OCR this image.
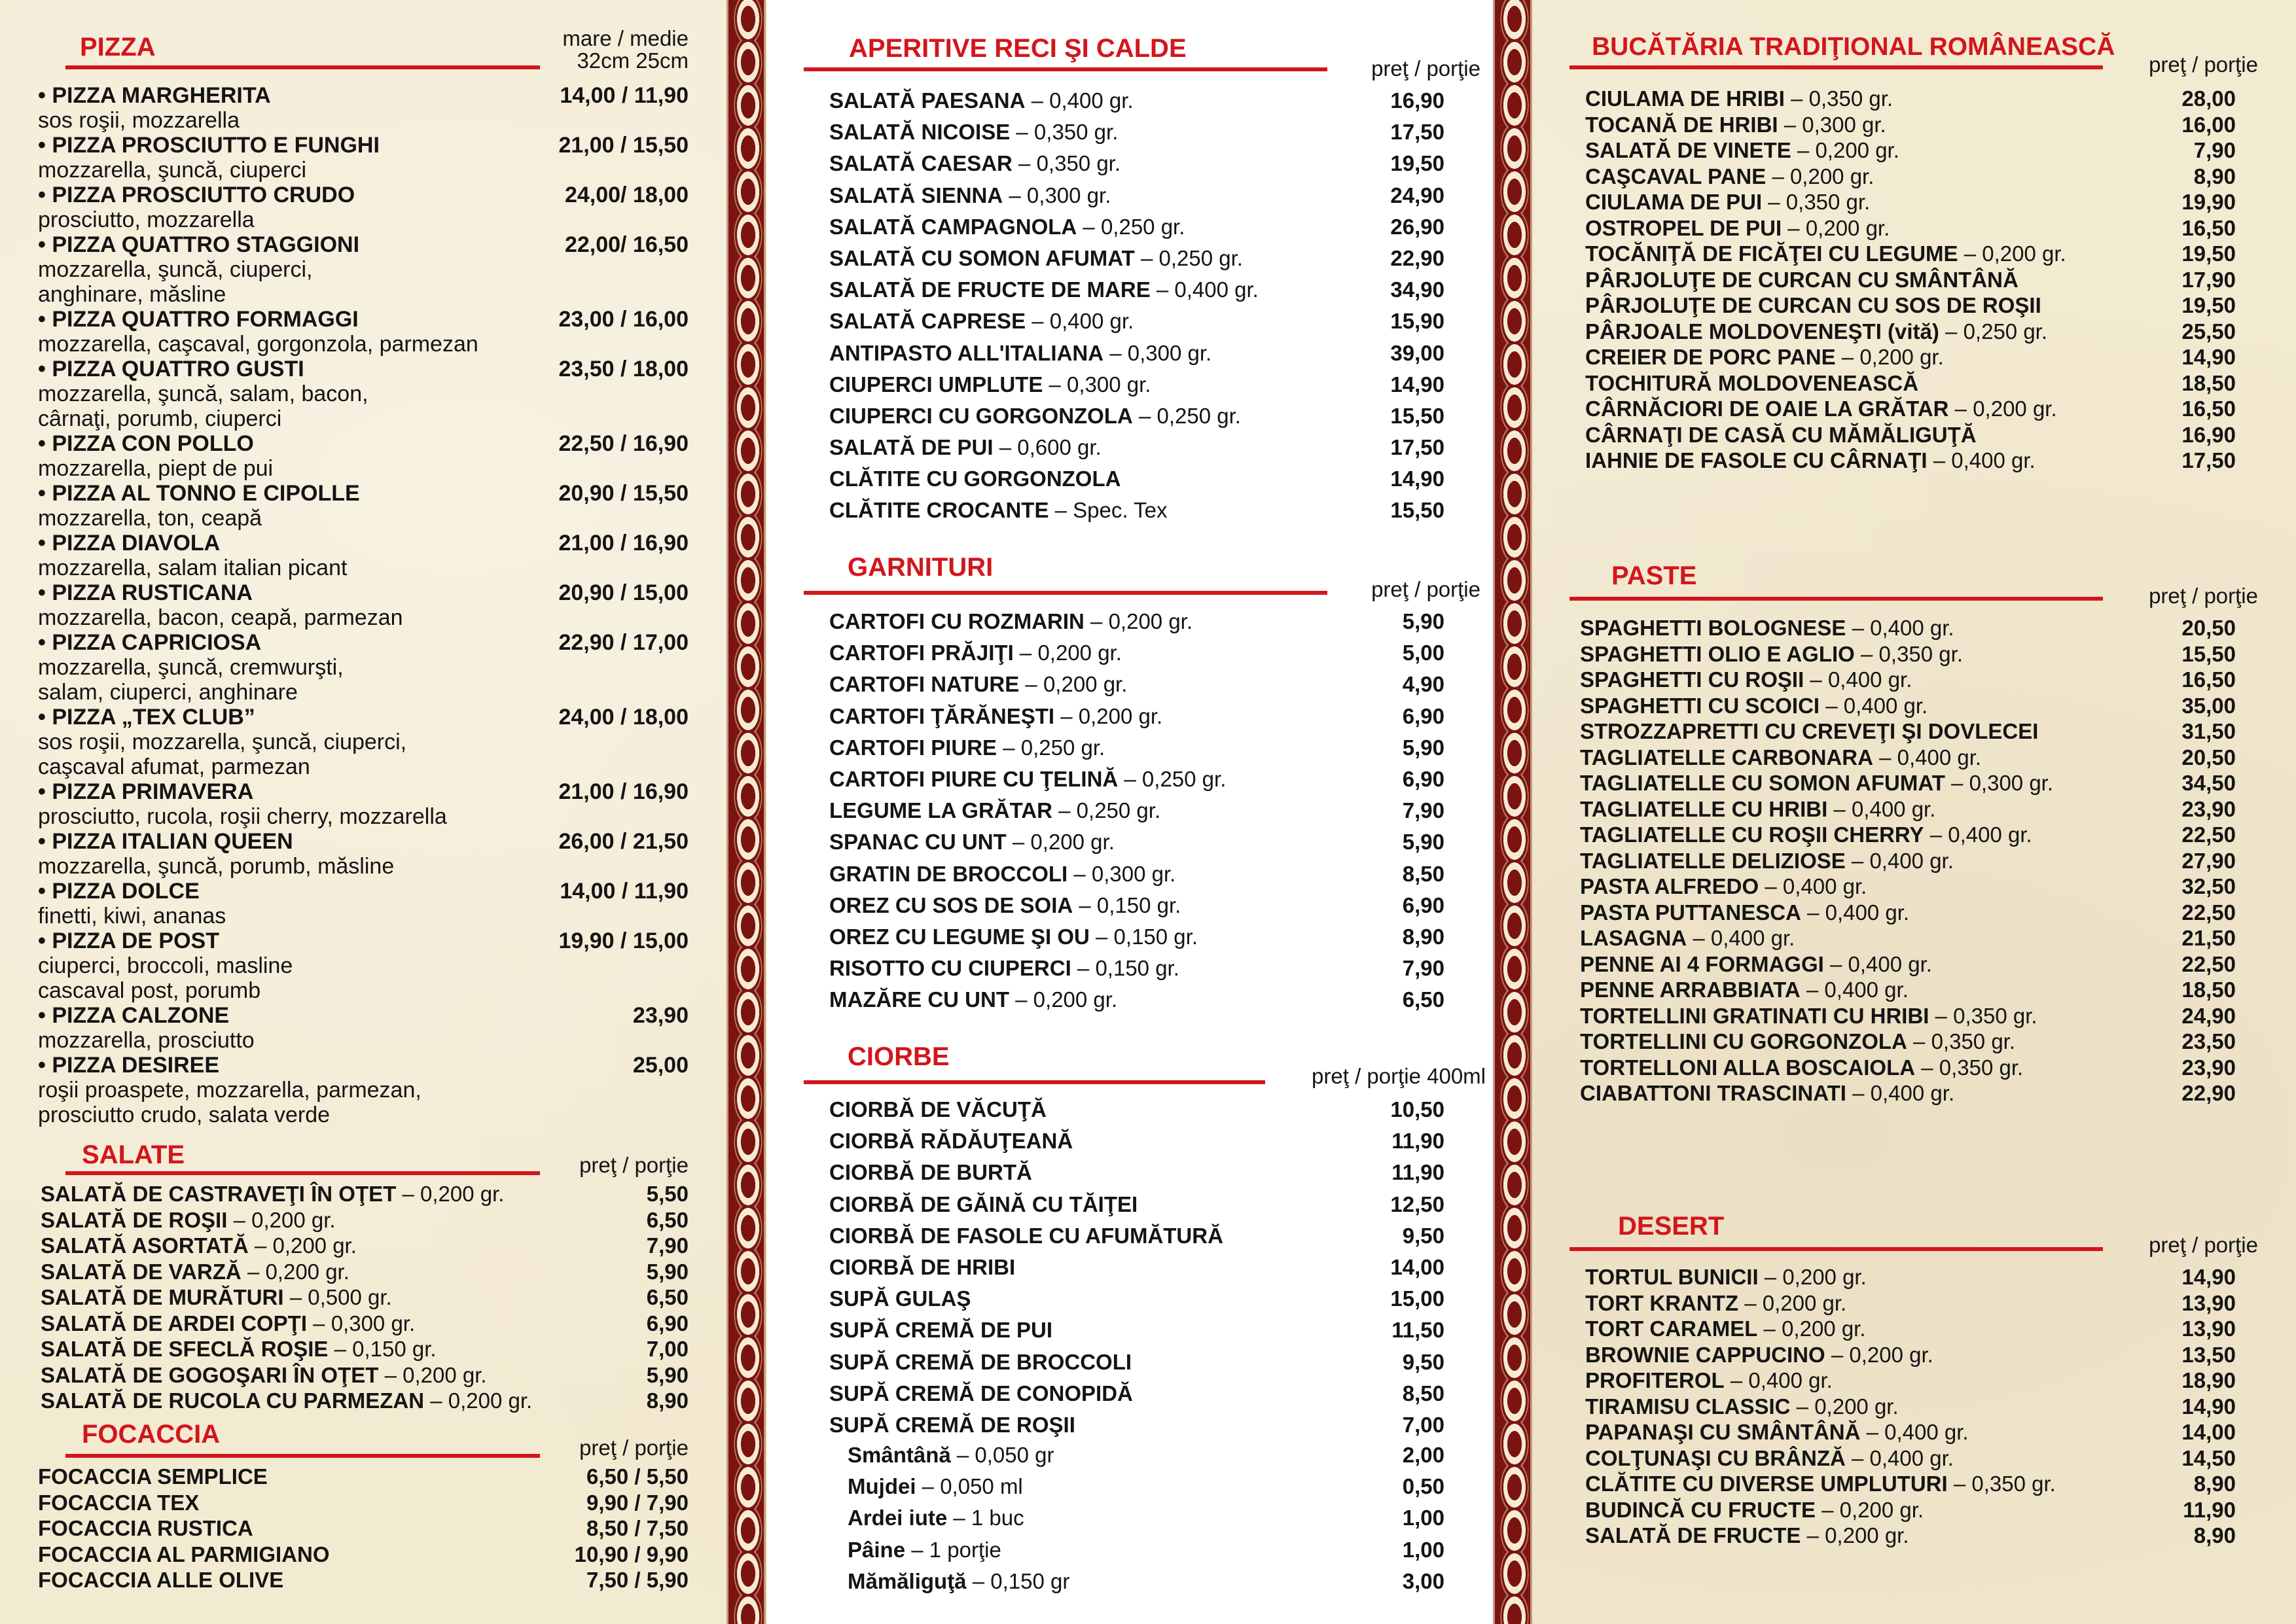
PIZZA	mare / medie
32cm 25cm
• PIZZA MARGHERITA	14,00 / 11,90
sos roşii, mozzarella
• PIZZA PROSCIUTTO E FUNGHI	21,00 / 15,50
mozzarella, şuncă, ciuperci
• PIZZA PROSCIUTTO CRUDO	24,00/ 18,00
prosciutto, mozzarella
• PIZZA QUATTRO STAGGIONI	22,00/ 16,50
mozzarella, şuncă, ciuperci,
anghinare, măsline
• PIZZA QUATTRO FORMAGGI	23,00 / 16,00
mozzarella, caşcaval, gorgonzola, parmezan
• PIZZA QUATTRO GUSTI	23,50 / 18,00
mozzarella, şuncă, salam, bacon,
cârnaţi, porumb, ciuperci
• PIZZA CON POLLO	22,50 / 16,90
mozzarella, piept de pui
• PIZZA AL TONNO E CIPOLLE	20,90 / 15,50
mozzarella, ton, ceapă
• PIZZA DIAVOLA	21,00 / 16,90
mozzarella, salam italian picant
• PIZZA RUSTICANA	20,90 / 15,00
mozzarella, bacon, ceapă, parmezan
• PIZZA CAPRICIOSA	22,90 / 17,00
mozzarella, şuncă, cremwurşti,
salam, ciuperci, anghinare
• PIZZA „TEX CLUB”	24,00 / 18,00
sos roşii, mozzarella, şuncă, ciuperci,
caşcaval afumat, parmezan
• PIZZA PRIMAVERA	21,00 / 16,90
prosciutto, rucola, roşii cherry, mozzarella
• PIZZA ITALIAN QUEEN	26,00 / 21,50
mozzarella, şuncă, porumb, măsline
• PIZZA DOLCE	14,00 / 11,90
finetti, kiwi, ananas
• PIZZA DE POST	19,90 / 15,00
ciuperci, broccoli, masline
cascaval post, porumb
• PIZZA CALZONE	23,90
mozzarella, prosciutto
• PIZZA DESIREE	25,00
roşii proaspete, mozzarella, parmezan,
prosciutto crudo, salata verde
SALATE	preţ / porţie
SALATĂ DE CASTRAVEŢI ÎN OŢET – 0,200 gr.	5,50
SALATĂ DE ROŞII – 0,200 gr.	6,50
SALATĂ ASORTATĂ – 0,200 gr.	7,90
SALATĂ DE VARZĂ – 0,200 gr.	5,90
SALATĂ DE MURĂTURI – 0,500 gr.	6,50
SALATĂ DE ARDEI COPŢI – 0,300 gr.	6,90
SALATĂ DE SFECLĂ ROŞIE – 0,150 gr.	7,00
SALATĂ DE GOGOŞARI ÎN OŢET – 0,200 gr.	5,90
SALATĂ DE RUCOLA CU PARMEZAN – 0,200 gr.	8,90
FOCACCIA	preţ / porţie
FOCACCIA SEMPLICE	6,50 / 5,50
FOCACCIA TEX	9,90 / 7,90
FOCACCIA RUSTICA	8,50 / 7,50
FOCACCIA AL PARMIGIANO	10,90 / 9,90
FOCACCIA ALLE OLIVE	7,50 / 5,90
APERITIVE RECI ŞI CALDE
preţ / porţie
SALATĂ PAESANA – 0,400 gr.	16,90
SALATĂ NICOISE – 0,350 gr.	17,50
SALATĂ CAESAR – 0,350 gr.	19,50
SALATĂ SIENNA – 0,300 gr.	24,90
SALATĂ CAMPAGNOLA – 0,250 gr.	26,90
SALATĂ CU SOMON AFUMAT – 0,250 gr.	22,90
SALATĂ DE FRUCTE DE MARE – 0,400 gr.	34,90
SALATĂ CAPRESE – 0,400 gr.	15,90
ANTIPASTO ALL'ITALIANA – 0,300 gr.	39,00
CIUPERCI UMPLUTE – 0,300 gr.	14,90
CIUPERCI CU GORGONZOLA – 0,250 gr.	15,50
SALATĂ DE PUI – 0,600 gr.	17,50
CLĂTITE CU GORGONZOLA	14,90
CLĂTITE CROCANTE – Spec. Tex	15,50
GARNITURI
preţ / porţie
CARTOFI CU ROZMARIN – 0,200 gr.	5,90
CARTOFI PRĂJIŢI – 0,200 gr.	5,00
CARTOFI NATURE – 0,200 gr.	4,90
CARTOFI ŢĂRĂNEŞTI – 0,200 gr.	6,90
CARTOFI PIURE – 0,250 gr.	5,90
CARTOFI PIURE CU ŢELINĂ – 0,250 gr.	6,90
LEGUME LA GRĂTAR – 0,250 gr.	7,90
SPANAC CU UNT – 0,200 gr.	5,90
GRATIN DE BROCCOLI – 0,300 gr.	8,50
OREZ CU SOS DE SOIA – 0,150 gr.	6,90
OREZ CU LEGUME ŞI OU – 0,150 gr.	8,90
RISOTTO CU CIUPERCI – 0,150 gr.	7,90
MAZĂRE CU UNT – 0,200 gr.	6,50
CIORBE
preţ / porţie 400ml
CIORBĂ DE VĂCUŢĂ	10,50
CIORBĂ RĂDĂUŢEANĂ	11,90
CIORBĂ DE BURTĂ	11,90
CIORBĂ DE GĂINĂ CU TĂIŢEI	12,50
CIORBĂ DE FASOLE CU AFUMĂTURĂ	9,50
CIORBĂ DE HRIBI	14,00
SUPĂ GULAŞ	15,00
SUPĂ CREMĂ DE PUI	11,50
SUPĂ CREMĂ DE BROCCOLI	9,50
SUPĂ CREMĂ DE CONOPIDĂ	8,50
SUPĂ CREMĂ DE ROŞII	7,00
Smântână – 0,050 gr	2,00
Mujdei – 0,050 ml	0,50
Ardei iute – 1 buc	1,00
Pâine – 1 porţie	1,00
Mămăliguţă – 0,150 gr	3,00
BUCĂTĂRIA TRADIŢIONAL ROMÂNEASCĂ
preţ / porţie
CIULAMA DE HRIBI – 0,350 gr.	28,00
TOCANĂ DE HRIBI – 0,300 gr.	16,00
SALATĂ DE VINETE – 0,200 gr.	7,90
CAŞCAVAL PANE – 0,200 gr.	8,90
CIULAMA DE PUI – 0,350 gr.	19,90
OSTROPEL DE PUI – 0,200 gr.	16,50
TOCĂNIŢĂ DE FICĂŢEI CU LEGUME – 0,200 gr.	19,50
PÂRJOLUŢE DE CURCAN CU SMÂNTÂNĂ	17,90
PÂRJOLUŢE DE CURCAN CU SOS DE ROŞII	19,50
PÂRJOALE MOLDOVENEŞTI (vită) – 0,250 gr.	25,50
CREIER DE PORC PANE – 0,200 gr.	14,90
TOCHITURĂ MOLDOVENEASCĂ	18,50
CÂRNĂCIORI DE OAIE LA GRĂTAR – 0,200 gr.	16,50
CÂRNAŢI DE CASĂ CU MĂMĂLIGUŢĂ	16,90
IAHNIE DE FASOLE CU CÂRNAŢI – 0,400 gr.	17,50
PASTE
preţ / porţie
SPAGHETTI BOLOGNESE – 0,400 gr.	20,50
SPAGHETTI OLIO E AGLIO – 0,350 gr.	15,50
SPAGHETTI CU ROŞII – 0,400 gr.	16,50
SPAGHETTI CU SCOICI – 0,400 gr.	35,00
STROZZAPRETTI CU CREVEŢI ŞI DOVLECEI	31,50
TAGLIATELLE CARBONARA – 0,400 gr.	20,50
TAGLIATELLE CU SOMON AFUMAT – 0,300 gr.	34,50
TAGLIATELLE CU HRIBI – 0,400 gr.	23,90
TAGLIATELLE CU ROŞII CHERRY – 0,400 gr.	22,50
TAGLIATELLE DELIZIOSE – 0,400 gr.	27,90
PASTA ALFREDO – 0,400 gr.	32,50
PASTA PUTTANESCA – 0,400 gr.	22,50
LASAGNA – 0,400 gr.	21,50
PENNE AI 4 FORMAGGI – 0,400 gr.	22,50
PENNE ARRABBIATA – 0,400 gr.	18,50
TORTELLINI GRATINATI CU HRIBI – 0,350 gr.	24,90
TORTELLINI CU GORGONZOLA – 0,350 gr.	23,50
TORTELLONI ALLA BOSCAIOLA – 0,350 gr.	23,90
CIABATTONI TRASCINATI – 0,400 gr.	22,90
DESERT
preţ / porţie
TORTUL BUNICII – 0,200 gr.	14,90
TORT KRANTZ – 0,200 gr.	13,90
TORT CARAMEL – 0,200 gr.	13,90
BROWNIE CAPPUCINO – 0,200 gr.	13,50
PROFITEROL – 0,400 gr.	18,90
TIRAMISU CLASSIC – 0,200 gr.	14,90
PAPANAŞI CU SMÂNTÂNĂ – 0,400 gr.	14,00
COLŢUNAŞI CU BRÂNZĂ – 0,400 gr.	14,50
CLĂTITE CU DIVERSE UMPLUTURI – 0,350 gr.	8,90
BUDINCĂ CU FRUCTE – 0,200 gr.	11,90
SALATĂ DE FRUCTE – 0,200 gr.	8,90
